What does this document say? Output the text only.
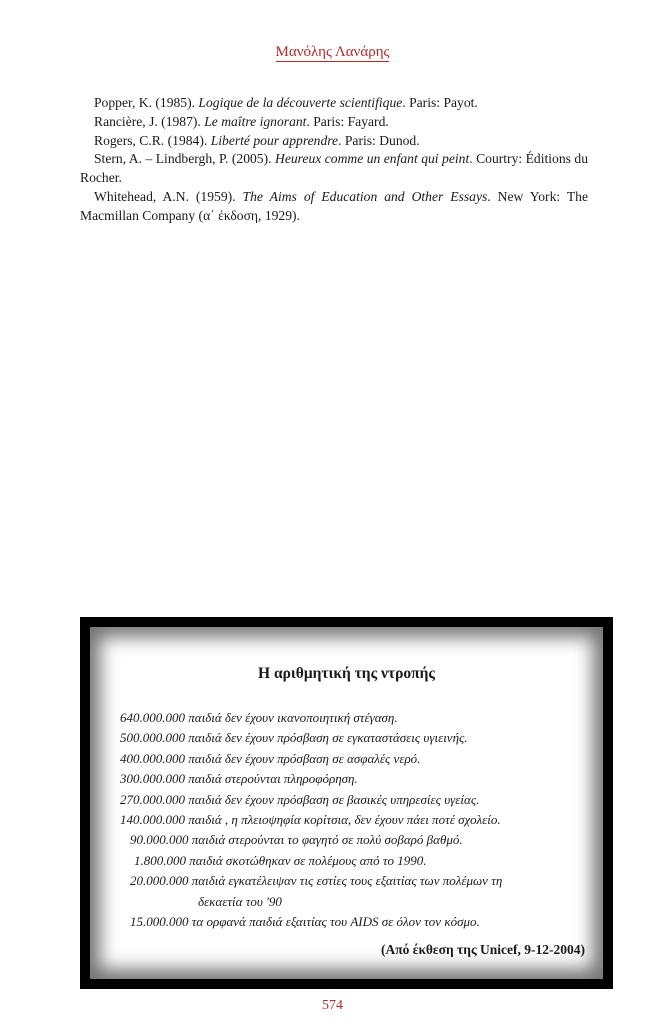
Μανόλης Λανάρης

Popper, K. (1985). Logique de la découverte scientifique. Paris: Payot.

Rancière, J. (1987). Le maître ignorant. Paris: Fayard.

Rogers, C.R. (1984). Liberté pour apprendre. Paris: Dunod.

Stern, A. – Lindbergh, P. (2005). Heureux comme un enfant qui peint. Courtry: Éditions du Rocher.

Whitehead, A.N. (1959). The Aims of Education and Other Essays. New York: The Macmillan Company (α΄ έκδοση, 1929).

Η αριθμητική της ντροπής

640.000.000 παιδιά δεν έχουν ικανοποιητική στέγαση.

500.000.000 παιδιά δεν έχουν πρόσβαση σε εγκαταστάσεις υγιεινής.

400.000.000 παιδιά δεν έχουν πρόσβαση σε ασφαλές νερό.

300.000.000 παιδιά στερούνται πληροφόρηση.

270.000.000 παιδιά δεν έχουν πρόσβαση σε βασικές υπηρεσίες υγείας.

140.000.000 παιδιά , η πλειοψηφία κορίτσια, δεν έχουν πάει ποτέ σχολείο.

90.000.000 παιδιά στερούνται το φαγητό σε πολύ σοβαρό βαθμό.

1.800.000 παιδιά σκοτώθηκαν σε πολέμους από το 1990.

20.000.000 παιδιά εγκατέλειψαν τις εστίες τους εξαιτίας των πολέμων τη

δεκαετία του '90

15.000.000 τα ορφανά παιδιά εξαιτίας του AIDS σε όλον τον κόσμο.

(Από έκθεση της Unicef, 9-12-2004)
574
